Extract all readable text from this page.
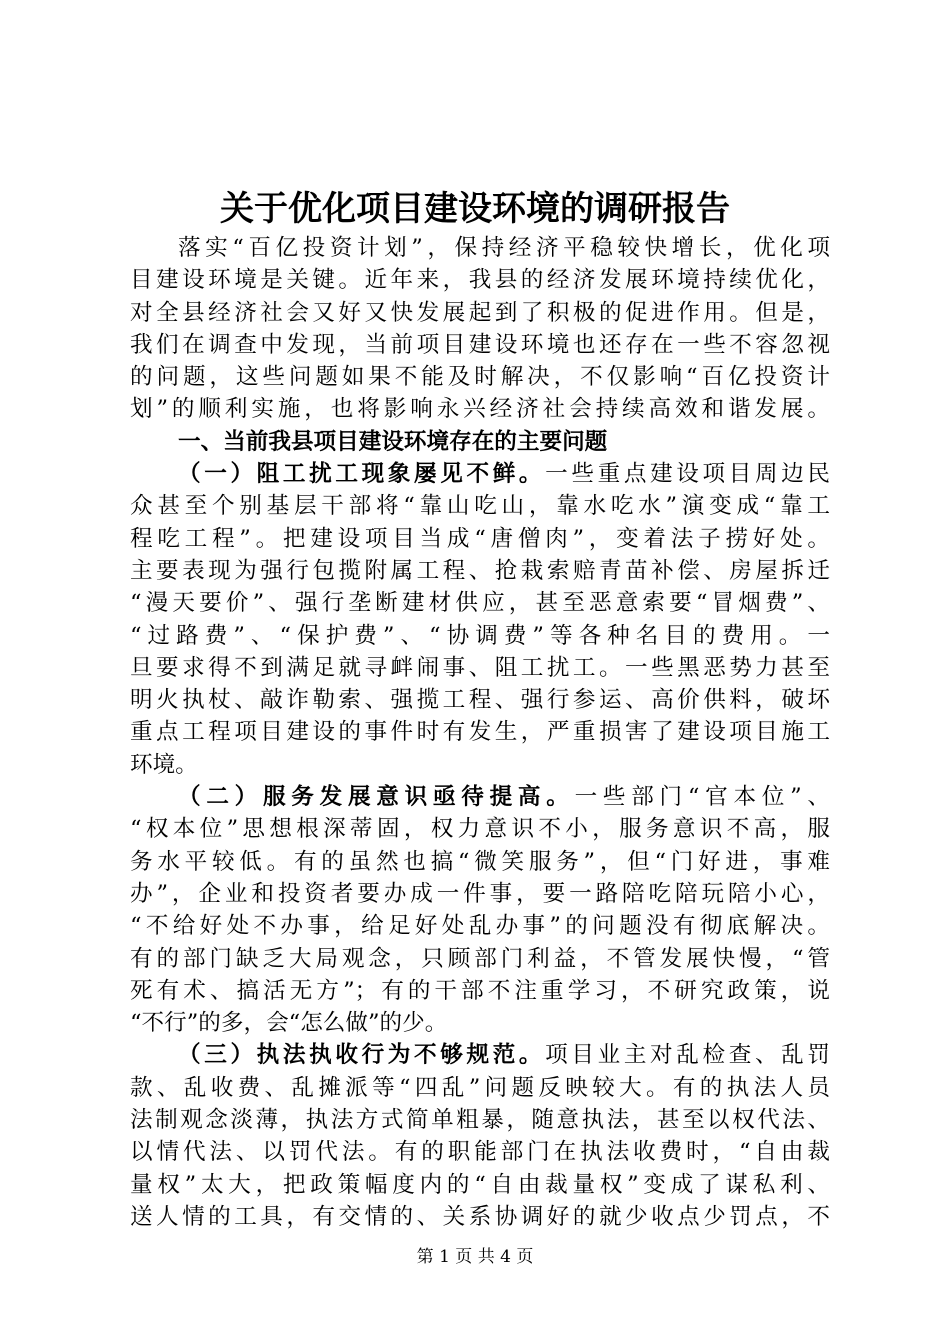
关于优化项目建设环境的调研报告
落实“百亿投资计划”，保持经济平稳较快增长，优化项
目建设环境是关键。近年来，我县的经济发展环境持续优化，
对全县经济社会又好又快发展起到了积极的促进作用。但是，
我们在调查中发现，当前项目建设环境也还存在一些不容忽视
的问题，这些问题如果不能及时解决，不仅影响“百亿投资计
划”的顺利实施，也将影响永兴经济社会持续高效和谐发展。
一、当前我县项目建设环境存在的主要问题
（一）阻工扰工现象屡见不鲜。一些重点建设项目周边民
众甚至个别基层干部将“靠山吃山，靠水吃水”演变成“靠工
程吃工程”。把建设项目当成“唐僧肉”，变着法子捞好处。
主要表现为强行包揽附属工程、抢栽索赔青苗补偿、房屋拆迁
“漫天要价”、强行垄断建材供应，甚至恶意索要“冒烟费”、
“过路费”、“保护费”、“协调费”等各种名目的费用。一
旦要求得不到满足就寻衅闹事、阻工扰工。一些黑恶势力甚至
明火执杖、敲诈勒索、强揽工程、强行参运、高价供料，破坏
重点工程项目建设的事件时有发生，严重损害了建设项目施工
环境。
（二）服务发展意识亟待提高。一些部门“官本位”、
“权本位”思想根深蒂固，权力意识不小，服务意识不高，服
务水平较低。有的虽然也搞“微笑服务”，但“门好进，事难
办”，企业和投资者要办成一件事，要一路陪吃陪玩陪小心，
“不给好处不办事，给足好处乱办事”的问题没有彻底解决。
有的部门缺乏大局观念，只顾部门利益，不管发展快慢，“管
死有术、搞活无方”；有的干部不注重学习，不研究政策，说
“不行”的多，会“怎么做”的少。
（三）执法执收行为不够规范。项目业主对乱检查、乱罚
款、乱收费、乱摊派等“四乱”问题反映较大。有的执法人员
法制观念淡薄，执法方式简单粗暴，随意执法，甚至以权代法、
以情代法、以罚代法。有的职能部门在执法收费时，“自由裁
量权”太大，把政策幅度内的“自由裁量权”变成了谋私利、
送人情的工具，有交情的、关系协调好的就少收点少罚点，不
第 1 页 共 4 页
